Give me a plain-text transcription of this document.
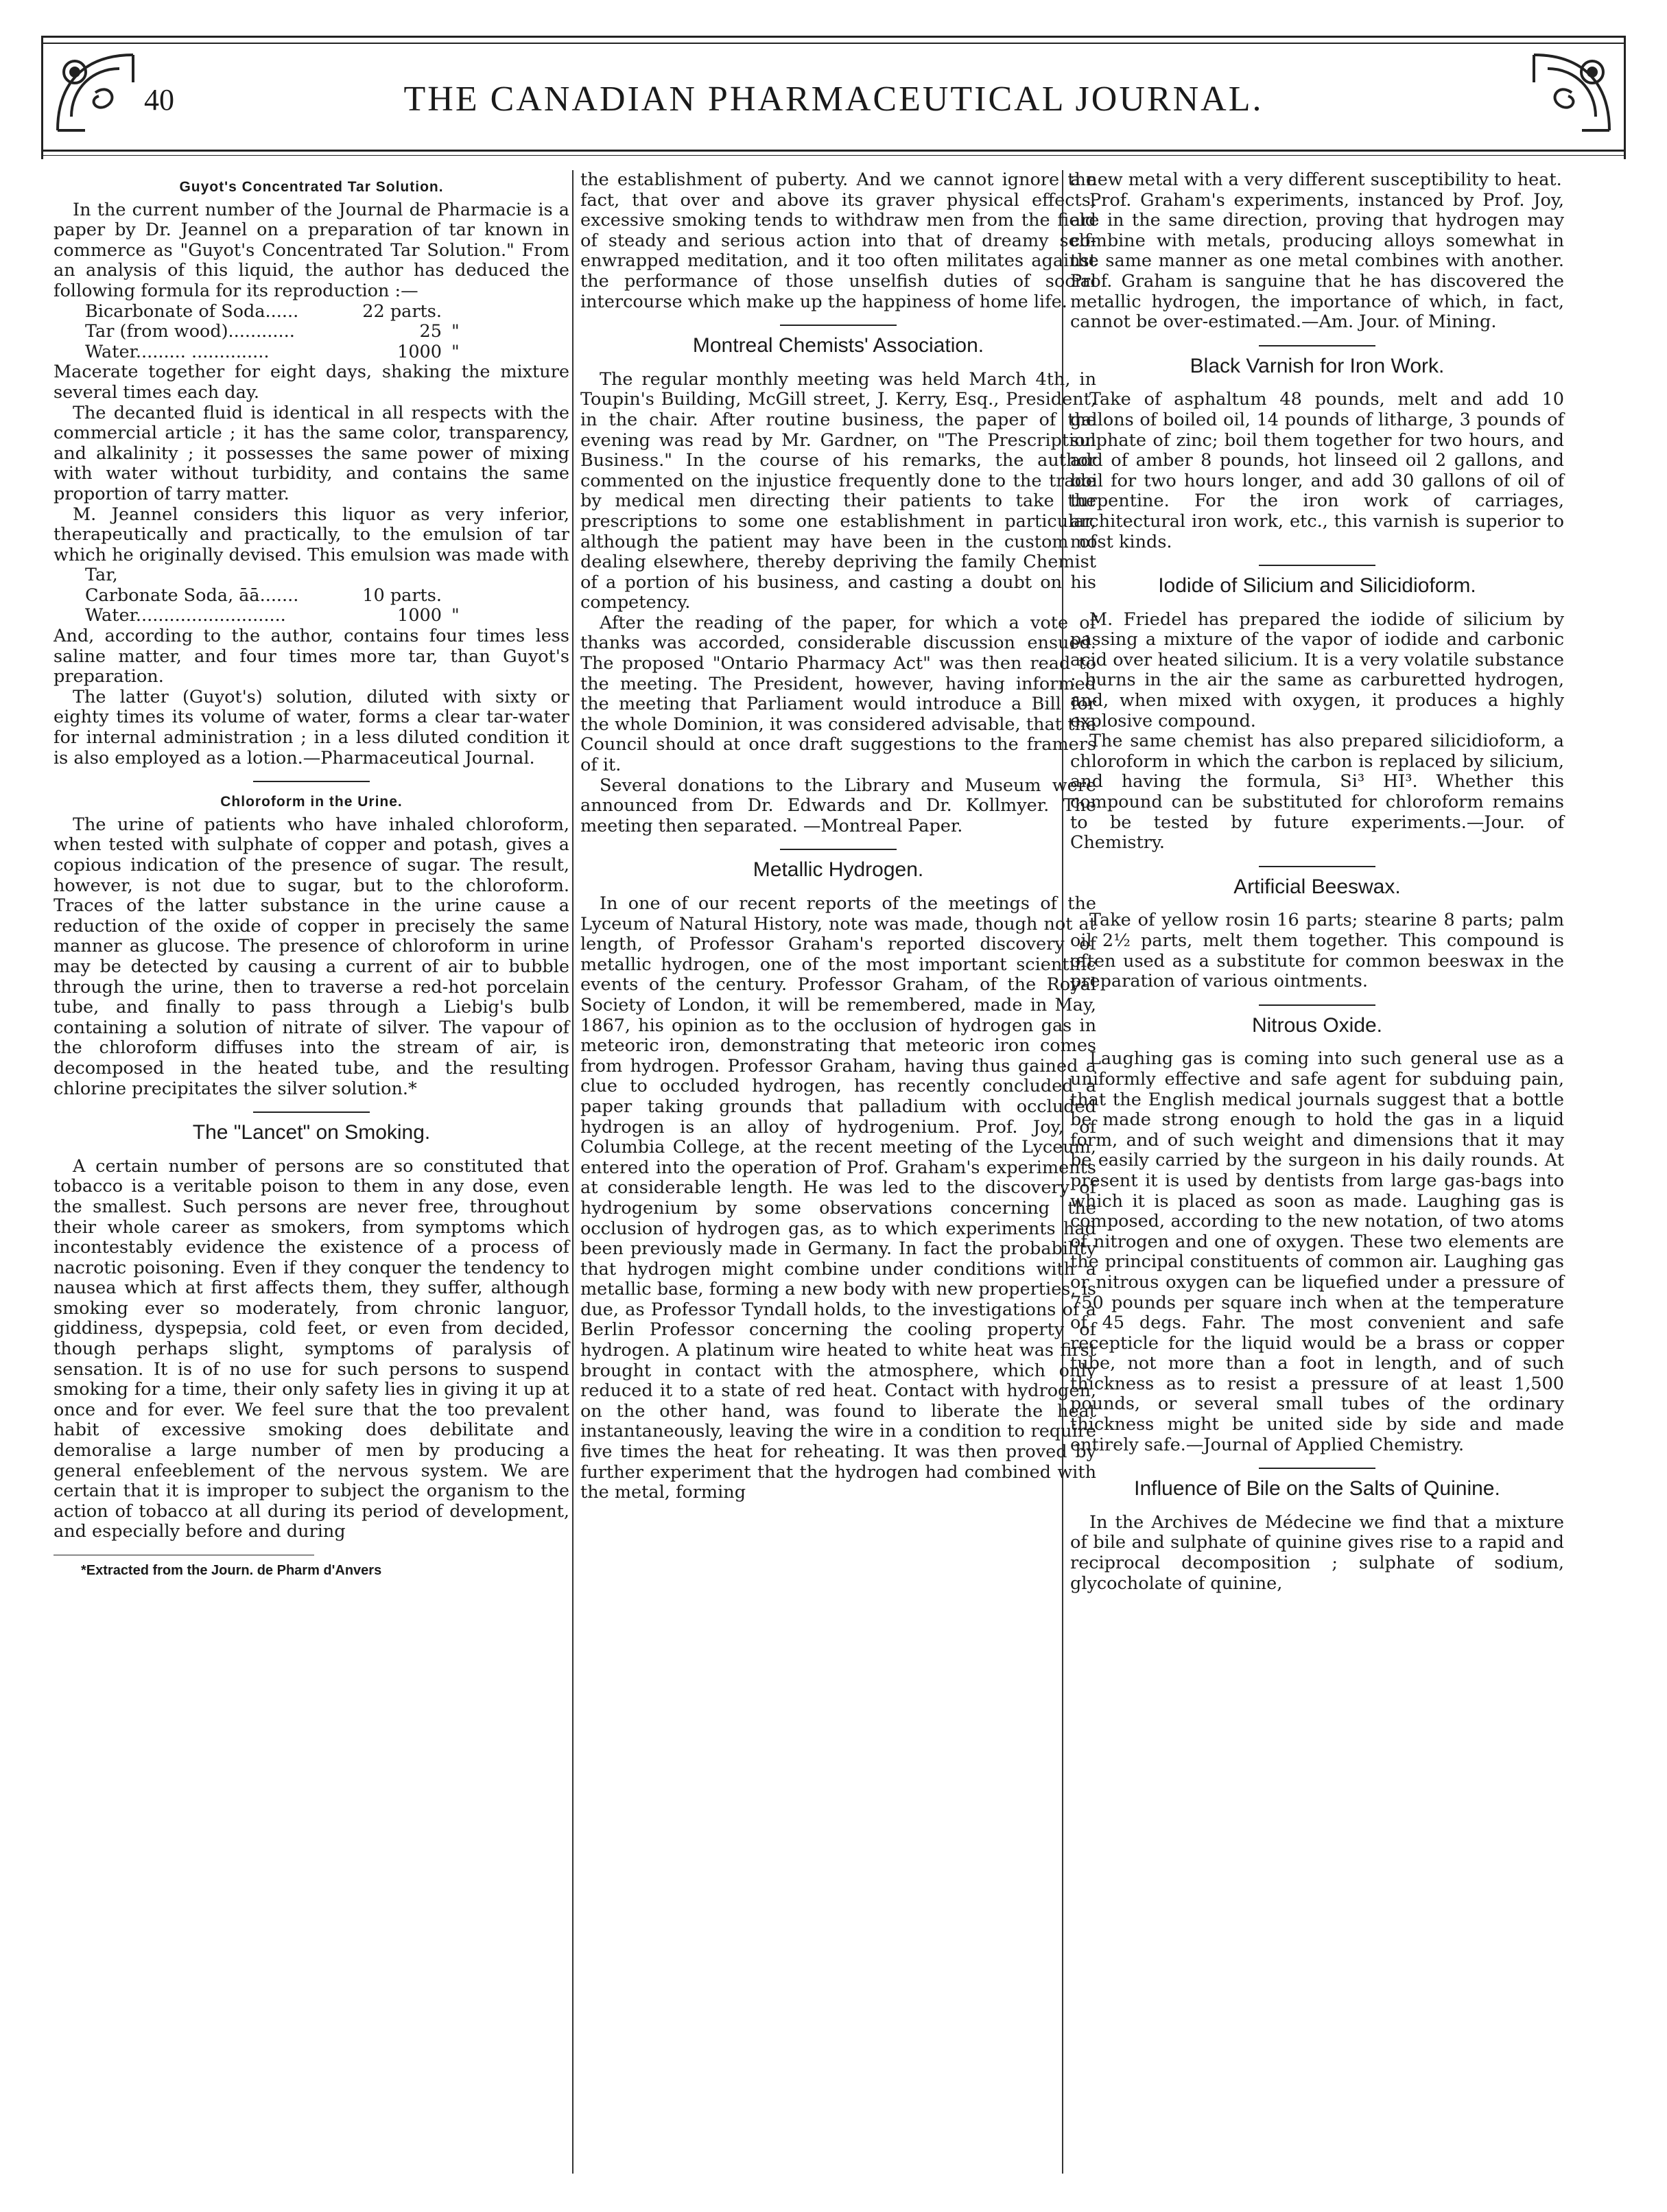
40	THE CANADIAN PHARMACEUTICAL JOURNAL.
Guyot's Concentrated Tar Solution.

In the current number of the Journal de Pharmacie is a paper by Dr. Jeannel on a preparation of tar known in commerce as "Guyot's Concentrated Tar Solution." From an analysis of this liquid, the author has deduced the following formula for its reproduction :—

Bicarbonate of Soda......	22 parts.
Tar (from wood)............	25 "
Water......... ..............	1000 "

Macerate together for eight days, shaking the mixture several times each day.

The decanted fluid is identical in all respects with the commercial article ; it has the same color, transparency, and alkalinity ; it possesses the same power of mixing with water without turbidity, and contains the same proportion of tarry matter.

M. Jeannel considers this liquor as very inferior, therapeutically and practically, to the emulsion of tar which he originally devised. This emulsion was made with

Tar,
Carbonate Soda, āā.......	10 parts.
Water...........................	1000 "

And, according to the author, contains four times less saline matter, and four times more tar, than Guyot's preparation.

The latter (Guyot's) solution, diluted with sixty or eighty times its volume of water, forms a clear tar-water for internal administration ; in a less diluted condition it is also employed as a lotion.—Pharmaceutical Journal.

Chloroform in the Urine.

The urine of patients who have inhaled chloroform, when tested with sulphate of copper and potash, gives a copious indication of the presence of sugar. The result, however, is not due to sugar, but to the chloroform. Traces of the latter substance in the urine cause a reduction of the oxide of copper in precisely the same manner as glucose. The presence of chloroform in urine may be detected by causing a current of air to bubble through the urine, then to traverse a red-hot porcelain tube, and finally to pass through a Liebig's bulb containing a solution of nitrate of silver. The vapour of the chloroform diffuses into the stream of air, is decomposed in the heated tube, and the resulting chlorine precipitates the silver solution.*

The "Lancet" on Smoking.

A certain number of persons are so constituted that tobacco is a veritable poison to them in any dose, even the smallest. Such persons are never free, throughout their whole career as smokers, from symptoms which incontestably evidence the existence of a process of nacrotic poisoning. Even if they conquer the tendency to nausea which at first affects them, they suffer, although smoking ever so moderately, from chronic languor, giddiness, dyspepsia, cold feet, or even from decided, though perhaps slight, symptoms of paralysis of sensation. It is of no use for such persons to suspend smoking for a time, their only safety lies in giving it up at once and for ever. We feel sure that the too prevalent habit of excessive smoking does debilitate and demoralise a large number of men by producing a general enfeeblement of the nervous system. We are certain that it is improper to subject the organism to the action of tobacco at all during its period of development, and especially before and during

*Extracted from the Journ. de Pharm d'Anvers

the establishment of puberty. And we cannot ignore the fact, that over and above its graver physical effects, excessive smoking tends to withdraw men from the field of steady and serious action into that of dreamy self-enwrapped meditation, and it too often militates against the performance of those unselfish duties of social intercourse which make up the happiness of home life.

Montreal Chemists' Association.

The regular monthly meeting was held March 4th, in Toupin's Building, McGill street, J. Kerry, Esq., President, in the chair. After routine business, the paper of the evening was read by Mr. Gardner, on "The Prescription Business." In the course of his remarks, the author commented on the injustice frequently done to the trade by medical men directing their patients to take the prescriptions to some one establishment in particular, although the patient may have been in the custom of dealing elsewhere, thereby depriving the family Chemist of a portion of his business, and casting a doubt on his competency.

After the reading of the paper, for which a vote of thanks was accorded, considerable discussion ensued. The proposed "Ontario Pharmacy Act" was then read to the meeting. The President, however, having informed the meeting that Parliament would introduce a Bill for the whole Dominion, it was considered advisable, that the Council should at once draft suggestions to the framers of it.

Several donations to the Library and Museum were announced from Dr. Edwards and Dr. Kollmyer. The meeting then separated. —Montreal Paper.

Metallic Hydrogen.

In one of our recent reports of the meetings of the Lyceum of Natural History, note was made, though not at length, of Professor Graham's reported discovery of metallic hydrogen, one of the most important scientific events of the century. Professor Graham, of the Royal Society of London, it will be remembered, made in May, 1867, his opinion as to the occlusion of hydrogen gas in meteoric iron, demonstrating that meteoric iron comes from hydrogen. Professor Graham, having thus gained a clue to occluded hydrogen, has recently concluded a paper taking grounds that palladium with occluded hydrogen is an alloy of hydrogenium. Prof. Joy, of Columbia College, at the recent meeting of the Lyceum, entered into the operation of Prof. Graham's experiments at considerable length. He was led to the discovery of hydrogenium by some observations concerning the occlusion of hydrogen gas, as to which experiments had been previously made in Germany. In fact the probability that hydrogen might combine under conditions with a metallic base, forming a new body with new properties, is due, as Professor Tyndall holds, to the investigations of a Berlin Professor concerning the cooling property of hydrogen. A platinum wire heated to white heat was first brought in contact with the atmosphere, which only reduced it to a state of red heat. Contact with hydrogen, on the other hand, was found to liberate the heat instantaneously, leaving the wire in a condition to require five times the heat for reheating. It was then proved by further experiment that the hydrogen had combined with the metal, forming

a new metal with a very different susceptibility to heat.

Prof. Graham's experiments, instanced by Prof. Joy, are in the same direction, proving that hydrogen may combine with metals, producing alloys somewhat in the same manner as one metal combines with another. Prof. Graham is sanguine that he has discovered the metallic hydrogen, the importance of which, in fact, cannot be over-estimated.—Am. Jour. of Mining.

Black Varnish for Iron Work.

Take of asphaltum 48 pounds, melt and add 10 gallons of boiled oil, 14 pounds of litharge, 3 pounds of sulphate of zinc; boil them together for two hours, and add of amber 8 pounds, hot linseed oil 2 gallons, and boil for two hours longer, and add 30 gallons of oil of turpentine. For the iron work of carriages, architectural iron work, etc., this varnish is superior to most kinds.

Iodide of Silicium and Silicidioform.

M. Friedel has prepared the iodide of silicium by passing a mixture of the vapor of iodide and carbonic acid over heated silicium. It is a very volatile substance ; burns in the air the same as carburetted hydrogen, and, when mixed with oxygen, it produces a highly explosive compound.

The same chemist has also prepared silicidioform, a chloroform in which the carbon is replaced by silicium, and having the formula, Si³ HI³. Whether this compound can be substituted for chloroform remains to be tested by future experiments.—Jour. of Chemistry.

Artificial Beeswax.

Take of yellow rosin 16 parts; stearine 8 parts; palm oil 2½ parts, melt them together. This compound is often used as a substitute for common beeswax in the preparation of various ointments.

Nitrous Oxide.

Laughing gas is coming into such general use as a uniformly effective and safe agent for subduing pain, that the English medical journals suggest that a bottle be made strong enough to hold the gas in a liquid form, and of such weight and dimensions that it may be easily carried by the surgeon in his daily rounds. At present it is used by dentists from large gas-bags into which it is placed as soon as made. Laughing gas is composed, according to the new notation, of two atoms of nitrogen and one of oxygen. These two elements are the principal constituents of common air. Laughing gas or nitrous oxygen can be liquefied under a pressure of 750 pounds per square inch when at the temperature of 45 degs. Fahr. The most convenient and safe recepticle for the liquid would be a brass or copper tube, not more than a foot in length, and of such thickness as to resist a pressure of at least 1,500 pounds, or several small tubes of the ordinary thickness might be united side by side and made entirely safe.—Journal of Applied Chemistry.

Influence of Bile on the Salts of Quinine.

In the Archives de Médecine we find that a mixture of bile and sulphate of quinine gives rise to a rapid and reciprocal decomposition ; sulphate of sodium, glycocholate of quinine,
